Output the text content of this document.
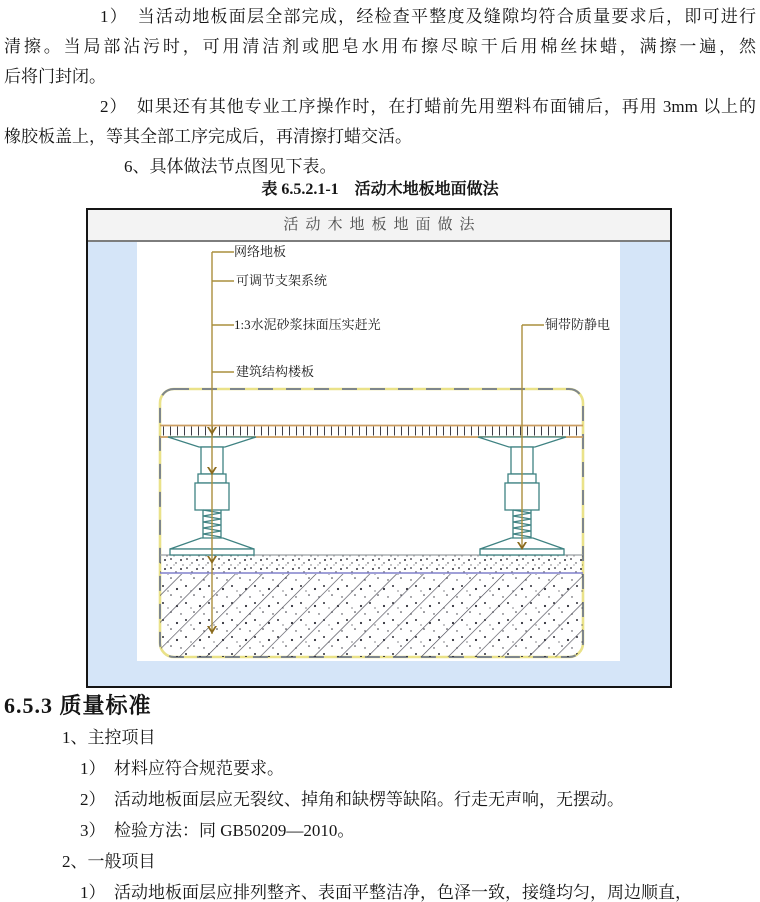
1）　当活动地板面层全部完成，经检查平整度及缝隙均符合质量要求后，即可进行
清擦。当局部沾污时，可用清洁剂或肥皂水用布擦尽晾干后用棉丝抹蜡，满擦一遍，然
后将门封闭。
2）　如果还有其他专业工序操作时，在打蜡前先用塑料布面铺后，再用 3mm 以上的
橡胶板盖上，等其全部工序完成后，再清擦打蜡交活。
6、具体做法节点图见下表。
表 6.5.2.1-1　活动木地板地面做法
活动木地板地面做法
网络地板
可调节支架系统
1:3水泥砂浆抹面压实赶光
建筑结构楼板
铜带防静电
6.5.3 质量标准
1、主控项目
1）　材料应符合规范要求。
2）　活动地板面层应无裂纹、掉角和缺楞等缺陷。行走无声响，无摆动。
3）　检验方法：同 GB50209—2010。
2、一般项目
1）　活动地板面层应排列整齐、表面平整洁净，色泽一致，接缝均匀，周边顺直，
